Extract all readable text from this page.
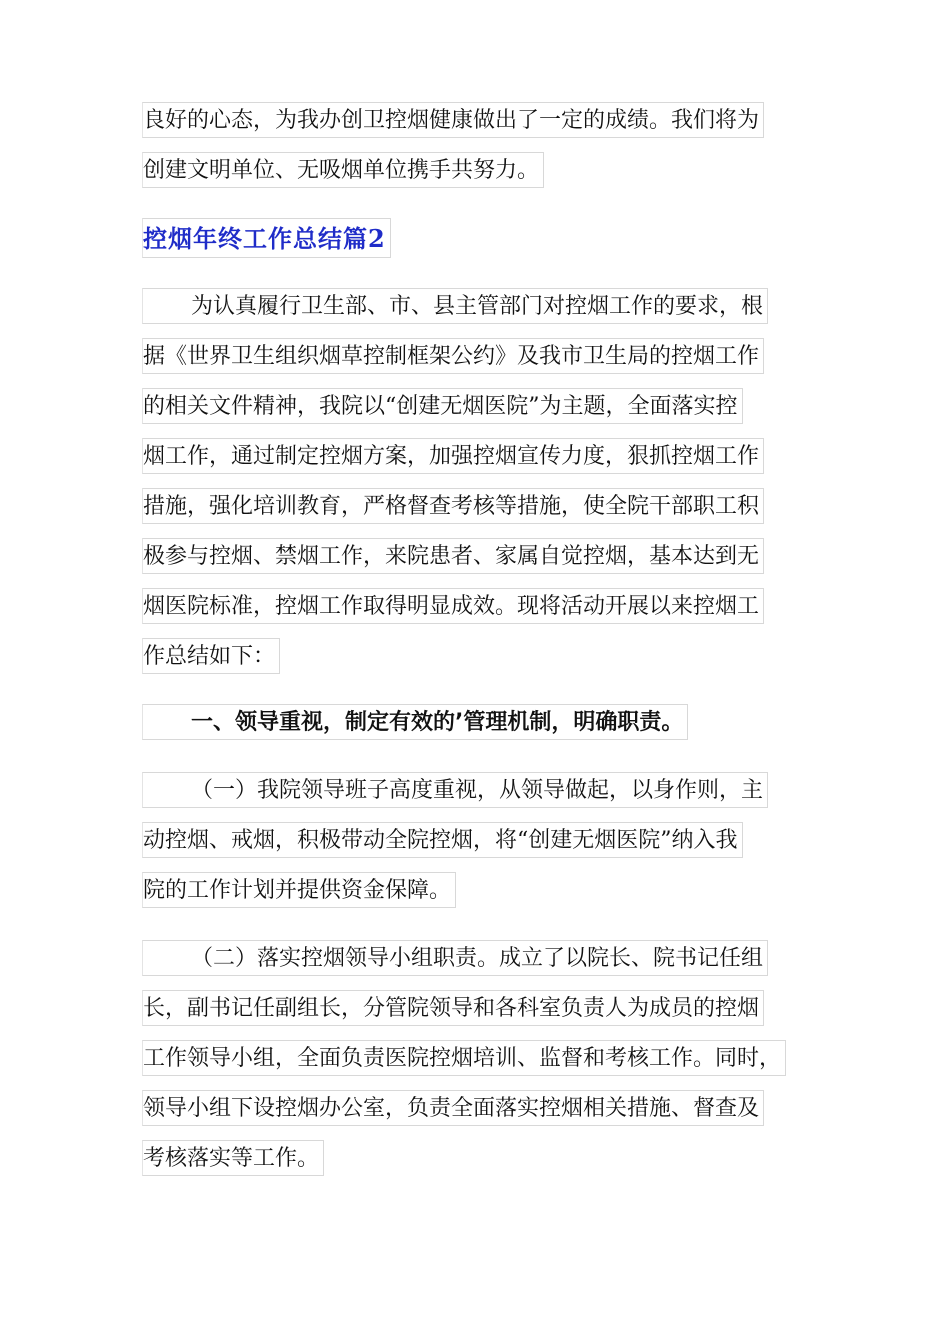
良好的心态，为我办创卫控烟健康做出了一定的成绩。我们将为
创建文明单位、无吸烟单位携手共努力。
控烟年终工作总结篇2
为认真履行卫生部、市、县主管部门对控烟工作的要求，根
据《世界卫生组织烟草控制框架公约》及我市卫生局的控烟工作
的相关文件精神，我院以“创建无烟医院”为主题，全面落实控
烟工作，通过制定控烟方案，加强控烟宣传力度，狠抓控烟工作
措施，强化培训教育，严格督查考核等措施，使全院干部职工积
极参与控烟、禁烟工作，来院患者、家属自觉控烟，基本达到无
烟医院标准，控烟工作取得明显成效。现将活动开展以来控烟工
作总结如下：
一、领导重视，制定有效的’管理机制，明确职责。
（一）我院领导班子高度重视，从领导做起，以身作则，主
动控烟、戒烟，积极带动全院控烟，将“创建无烟医院”纳入我
院的工作计划并提供资金保障。
（二）落实控烟领导小组职责。成立了以院长、院书记任组
长，副书记任副组长，分管院领导和各科室负责人为成员的控烟
工作领导小组，全面负责医院控烟培训、监督和考核工作。同时，
领导小组下设控烟办公室，负责全面落实控烟相关措施、督查及
考核落实等工作。
